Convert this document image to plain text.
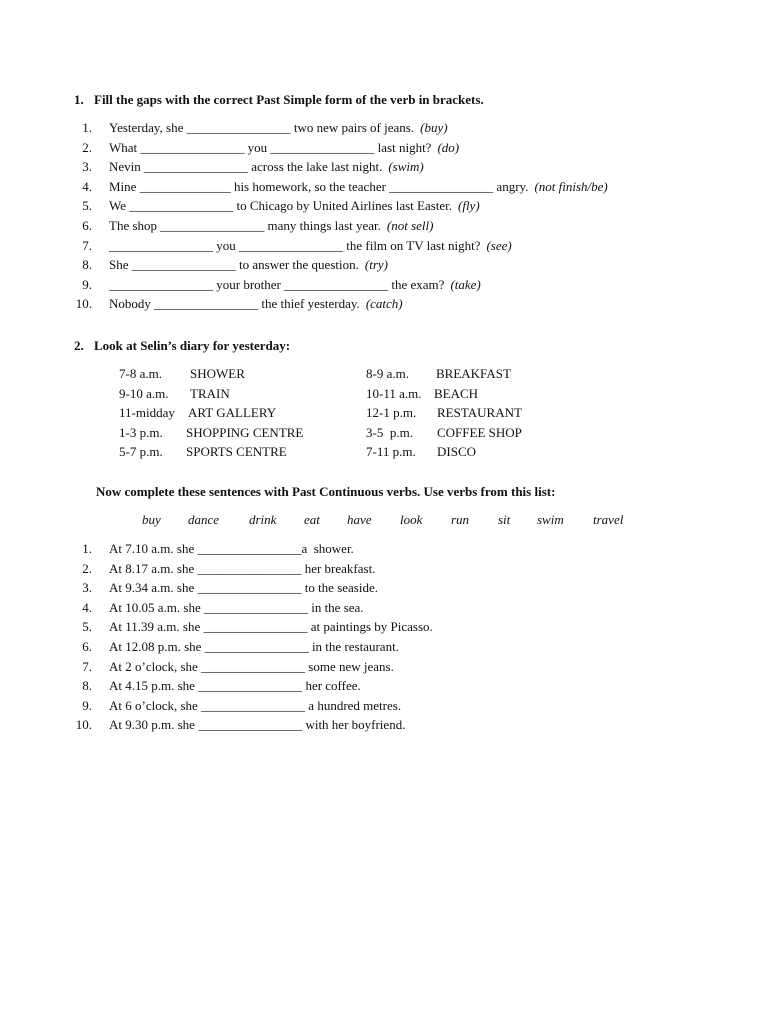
1. Fill the gaps with the correct Past Simple form of the verb in brackets.
1. Yesterday, she ________________ two new pairs of jeans. (buy)
2. What ________________ you ________________ last night? (do)
3. Nevin ________________ across the lake last night. (swim)
4. Mine ______________ his homework, so the teacher ________________ angry. (not finish/be)
5. We ________________ to Chicago by United Airlines last Easter. (fly)
6. The shop ________________ many things last year. (not sell)
7. ________________ you ________________ the film on TV last night? (see)
8. She ________________ to answer the question. (try)
9. ________________ your brother ________________ the exam? (take)
10. Nobody ________________ the thief yesterday. (catch)
2. Look at Selin’s diary for yesterday:
7-8 a.m. SHOWER
9-10 a.m. TRAIN
11-midday ART GALLERY
1-3 p.m. SHOPPING CENTRE
5-7 p.m. SPORTS CENTRE
8-9 a.m. BREAKFAST
10-11 a.m. BEACH
12-1 p.m. RESTAURANT
3-5  p.m. COFFEE SHOP
7-11 p.m. DISCO
Now complete these sentences with Past Continuous verbs. Use verbs from this list:
buy dance drink eat have look run sit swim travel
1. At 7.10 a.m. she ________________a  shower.
2. At 8.17 a.m. she ________________ her breakfast.
3. At 9.34 a.m. she ________________ to the seaside.
4. At 10.05 a.m. she ________________ in the sea.
5. At 11.39 a.m. she ________________ at paintings by Picasso.
6. At 12.08 p.m. she ________________ in the restaurant.
7. At 2 o’clock, she ________________ some new jeans.
8. At 4.15 p.m. she ________________ her coffee.
9. At 6 o’clock, she ________________ a hundred metres.
10. At 9.30 p.m. she ________________ with her boyfriend.
